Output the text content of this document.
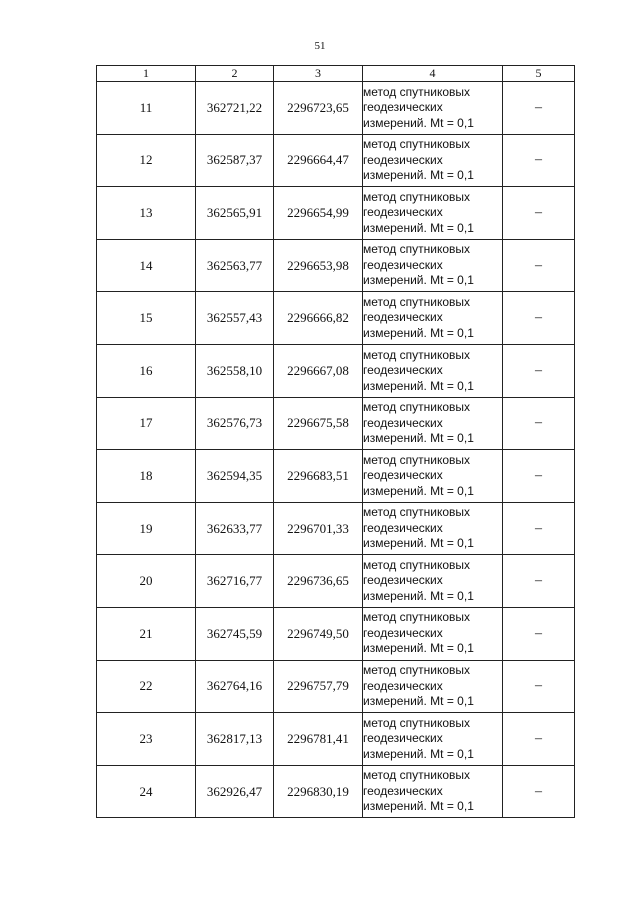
51
1	2	3	4	5
11	362721,22	2296723,65	метод спутниковых
геодезических
измерений. Mt = 0,1	–
12	362587,37	2296664,47	метод спутниковых
геодезических
измерений. Mt = 0,1	–
13	362565,91	2296654,99	метод спутниковых
геодезических
измерений. Mt = 0,1	–
14	362563,77	2296653,98	метод спутниковых
геодезических
измерений. Mt = 0,1	–
15	362557,43	2296666,82	метод спутниковых
геодезических
измерений. Mt = 0,1	–
16	362558,10	2296667,08	метод спутниковых
геодезических
измерений. Mt = 0,1	–
17	362576,73	2296675,58	метод спутниковых
геодезических
измерений. Mt = 0,1	–
18	362594,35	2296683,51	метод спутниковых
геодезических
измерений. Mt = 0,1	–
19	362633,77	2296701,33	метод спутниковых
геодезических
измерений. Mt = 0,1	–
20	362716,77	2296736,65	метод спутниковых
геодезических
измерений. Mt = 0,1	–
21	362745,59	2296749,50	метод спутниковых
геодезических
измерений. Mt = 0,1	–
22	362764,16	2296757,79	метод спутниковых
геодезических
измерений. Mt = 0,1	–
23	362817,13	2296781,41	метод спутниковых
геодезических
измерений. Mt = 0,1	–
24	362926,47	2296830,19	метод спутниковых
геодезических
измерений. Mt = 0,1	–
